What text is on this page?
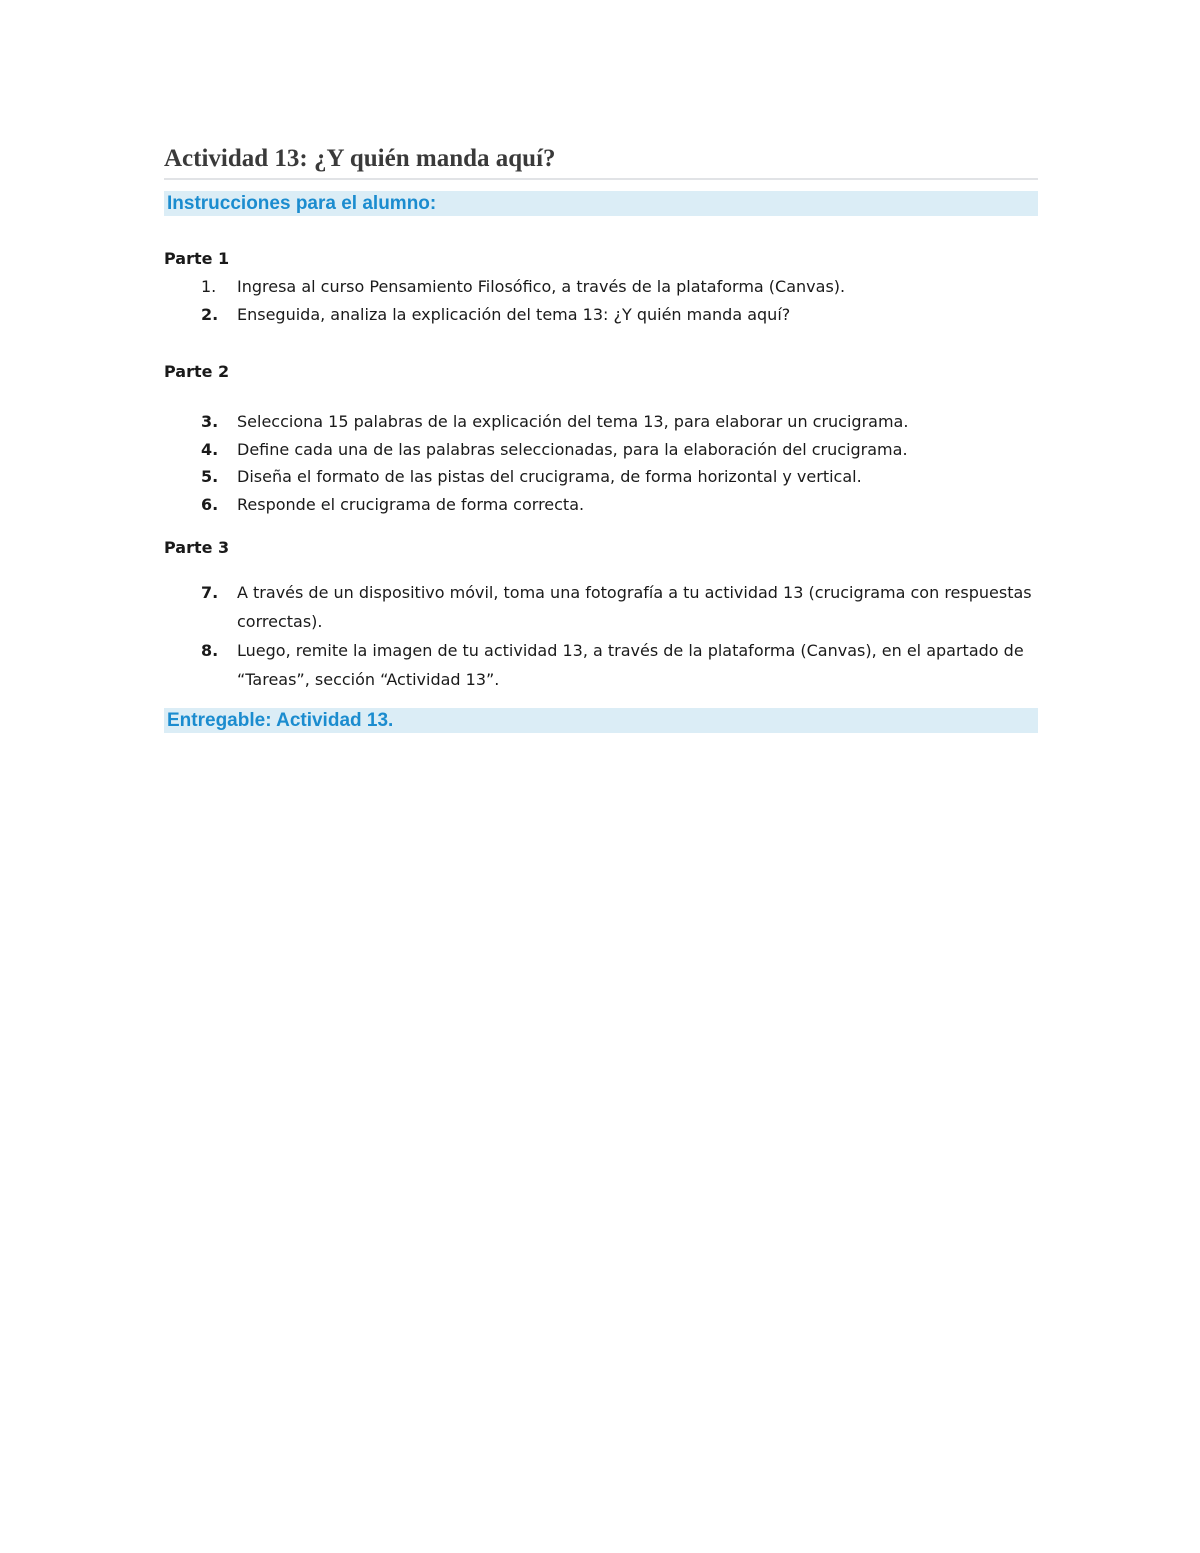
Actividad 13: ¿Y quién manda aquí?
Instrucciones para el alumno:
Parte 1
1. Ingresa al curso Pensamiento Filosófico, a través de la plataforma (Canvas).
2. Enseguida, analiza la explicación del tema 13: ¿Y quién manda aquí?
Parte 2
3. Selecciona 15 palabras de la explicación del tema 13, para elaborar un crucigrama.
4. Define cada una de las palabras seleccionadas, para la elaboración del crucigrama.
5. Diseña el formato de las pistas del crucigrama, de forma horizontal y vertical.
6. Responde el crucigrama de forma correcta.
Parte 3
7. A través de un dispositivo móvil, toma una fotografía a tu actividad 13 (crucigrama con respuestas correctas).
8. Luego, remite la imagen de tu actividad 13, a través de la plataforma (Canvas), en el apartado de “Tareas”, sección “Actividad 13”.
Entregable: Actividad 13.
